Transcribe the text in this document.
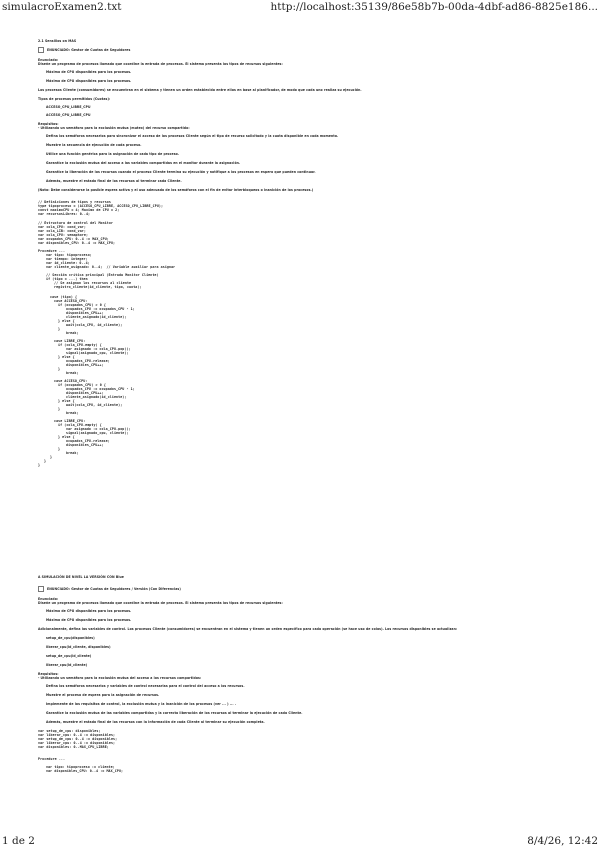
simulacroExamen2.txt	http://localhost:35139/86e58b7b-00da-4dbf-ad86-8825e186...
2.1 Sensillos on MAS
ENUNCIADO: Gestor de Cuotas de Seguidores
Enunciado:
Diseñe un programa de procesos llamado que coordine la entrada de procesos. El sistema presenta los tipos de recursos siguientes:
Máximo de CPU disponibles para los procesos.
Máximo de CPU disponibles para los procesos.
Los procesos Cliente (consumidores) se encuentran en el sistema y tienen un orden establecido entre ellos en base al planificador, de modo que cada uno realiza su ejecución.
Tipos de procesos permitidos (Cuotas):
ACCESO_CPU_LIBRE_CPU
ACCESO_CPU_LIBRE_CPU
Requisitos:
- Utilizando un semáforo para la exclusión mutua (mutex) del recurso compartido:
Defina los semáforos necesarios para sincronizar el acceso de los procesos Cliente según el tipo de recurso solicitado y la cuota disponible en cada momento.
Muestre la secuencia de ejecución de cada proceso.
Utilice una función genérica para la asignación de cada tipo de proceso.
Garantice la exclusión mutua del acceso a las variables compartidas en el monitor durante la asignación.
Garantice la liberación de los recursos cuando el proceso Cliente termina su ejecución y notifique a los procesos en espera que pueden continuar.
Además, muestre el estado final de los recursos al terminar cada Cliente.
(Nota: Debe considerarse la posible espera activa y el uso adecuado de los semáforos con el fin de evitar interbloqueos o inanición de los procesos.)
// Definiciones de tipos y recursos
type tipoproceso = (ACCESO_CPU_LIBRE, ACCESO_CPU_LIBRE_CPU);
const maximoCPU = 4; Maximo de CPU = 2;
var recursosLibres: 0..4;
// Estructura de control del Monitor
var cola_CPU: cond_var;
var cola_LIB: cond_var;
var cola_CPU: semaphore;
var ocupados_CPU: 0..4 := MAX_CPU;
var disponibles_CPU: 0..4 := MAX_CPU;
Procedure ...
var tipo: tipoproceso;
var tiempo: integer;
var id_cliente: 0..4;
var cliente_asignado: 0..4;  // Variable auxiliar para asignar
// Sección crítica principal (Entrada Monitor Cliente)
if (tipo = ...) then
// Se asignan los recursos al cliente
registro_cliente(id_cliente, tipo, cuota);
case (tipo) {
case ACCESO_CPU:
if (ocupados_CPU) > 0 {
ocupados_CPU := ocupados_CPU - 1;
disponibles_CPU++;
cliente_asignado(id_cliente);
} else {
wait(cola_CPU, id_cliente);
}
break;
case LIBRE_CPU:
if (cola_CPU.empty) {
var asignado := cola_CPU.pop();
signal(asignado_cpu, cliente);
} else {
ocupados_CPU.release;
disponibles_CPU++;
}
break;
case ACCESO_CPU:
if (ocupados_CPU) > 0 {
ocupados_CPU := ocupados_CPU - 1;
disponibles_CPU++;
cliente_asignado(id_cliente);
} else {
wait(cola_CPU, id_cliente);
}
break;
case LIBRE_CPU:
if (cola_CPU.empty) {
var asignado := cola_CPU.pop();
signal(asignado_cpu, cliente);
} else {
ocupados_CPU.release;
disponibles_CPU++;
}
break;
}
}
}
A SIMULACIÓN DE NIVEL LA VERSIÓN CON Blue
ENUNCIADO: Gestor de Cuotas de Seguidores / Versión (Con Diferencias)
Enunciado:
Diseñe un programa de procesos llamado que coordine la entrada de procesos. El sistema presenta los tipos de recursos siguientes:
Máximo de CPU disponibles para los procesos.
Máximo de CPU disponibles para los procesos.
Adicionalmente, defina las variables de control. Los procesos Cliente (consumidores) se encuentran en el sistema y tienen un orden específico para cada operación (se hace uso de colas). Los recursos disponibles se actualizan:
setup_de_cpu(disponibles)
liberar_cpu(id_cliente, disponibles)
setup_de_cpu(id_cliente)
liberar_cpu(id_cliente)
Requisitos:
- Utilizando un semáforo para la exclusión mutua del acceso a los recursos compartidos:
Defina los semáforos necesarios y variables de control necesarias para el control del acceso a los recursos.
Muestre el proceso de espera para la asignación de recursos.
Implemente de los requisitos de control, la exclusión mutua y la inanición de los procesos (ver ... ) ... .
Garantice la exclusión mutua de las variables compartidas y la correcta liberación de los recursos al terminar la ejecución de cada Cliente.
Además, muestre el estado final de los recursos con la información de cada Cliente al terminar su ejecución completa.
var setup_de_cpu: disponibles;
var liberar_cpu: 0..4 := disponibles;
var setup_de_cpu: 0..4 := disponibles;
var liberar_cpu: 0..4 := disponibles;
var disponibles: 0..MAX_CPU_LIBRE;
Procedure ...
var tipo: tipoproceso := cliente;
var disponibles_CPU: 0..4 := MAX_CPU;
1 de 2	8/4/26, 12:42
